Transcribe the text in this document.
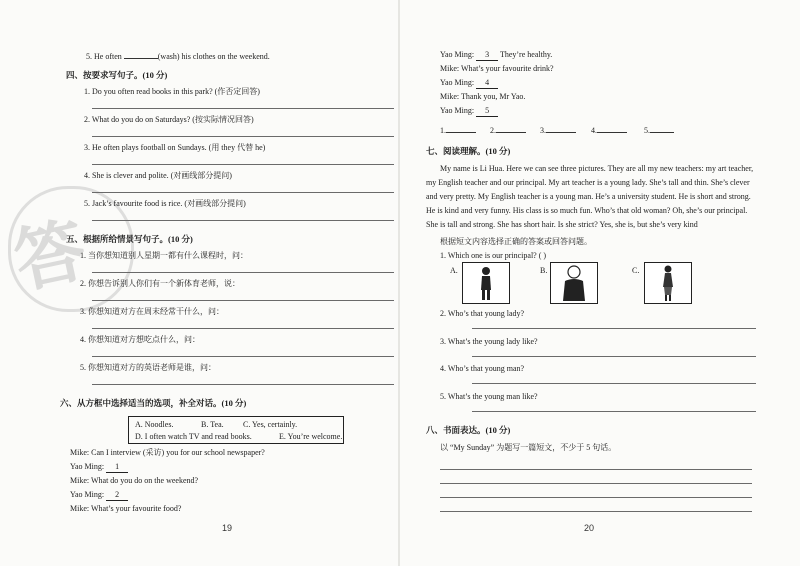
答
5. He often	(wash) his clothes on the weekend.
四、按要求写句子。(10 分)
1. Do you often read books in this park? (作否定回答)
2. What do you do on Saturdays? (按实际情况回答)
3. He often plays football on Sundays. (用 they 代替 he)
4. She is clever and polite. (对画线部分提问)
5. Jack’s favourite food is rice. (对画线部分提问)
五、根据所给情景写句子。(10 分)
1. 当你想知道别人星期一都有什么课程时，问：
2. 你想告诉别人你们有一个新体育老师，说：
3. 你想知道对方在周末经常干什么，问：
4. 你想知道对方想吃点什么，问：
5. 你想知道对方的英语老师是谁，问：
六、从方框中选择适当的选项，补全对话。(10 分)
A. Noodles.	B. Tea. C. Yes, certainly.
D. I often watch TV and read books.	E. You’re welcome.
Mike: Can I interview (采访) you for our school newspaper?
Yao Ming: 1
Mike: What do you do on the weekend?
Yao Ming: 2
Mike: What’s your favourite food?
19
Yao Ming: 3 They’re healthy.
Mike: What’s your favourite drink?
Yao Ming: 4
Mike: Thank you, Mr Yao.
Yao Ming: 5
1.	2.	3.	4.	5.
七、阅读理解。(10 分)
My name is Li Hua. Here we can see three pictures. They are all my new teachers: my art teacher,
my English teacher and our principal. My art teacher is a young lady. She’s tall and thin. She’s clever
and very pretty. My English teacher is a young man. He’s a university student. He is short and strong.
He is kind and very funny. His class is so much fun. Who’s that old woman? Oh, she’s our principal.
She is tall and strong. She has short hair. Is she strict? Yes, she is, but she’s very kind
根据短文内容选择正确的答案或回答问题。
1. Which one is our principal? ( )
A.	B.	C.
2. Who’s that young lady?
3. What’s the young lady like?
4. Who’s that young man?
5. What’s the young man like?
八、书面表达。(10 分)
以 “My Sunday” 为题写一篇短文，不少于 5 句话。
20
